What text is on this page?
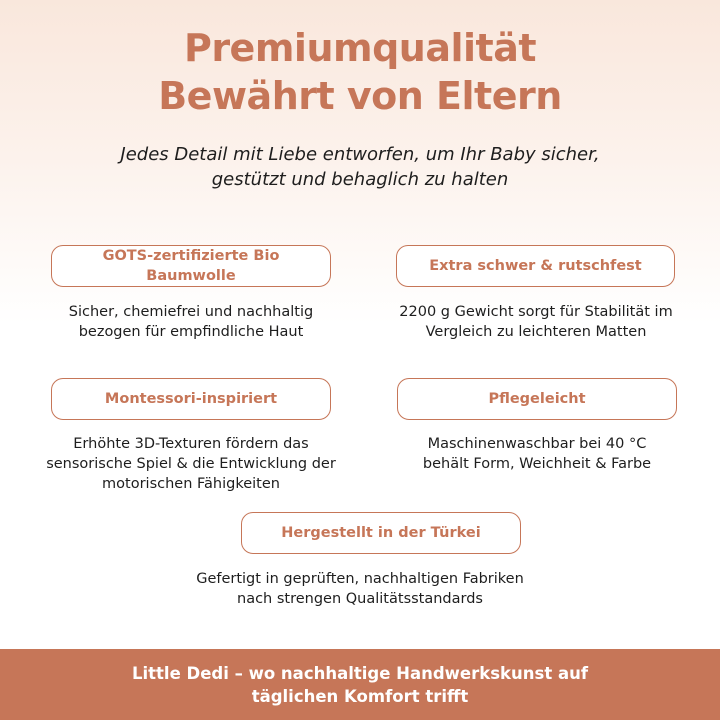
Premiumqualität
Bewährt von Eltern
Jedes Detail mit Liebe entworfen, um Ihr Baby sicher,
gestützt und behaglich zu halten
GOTS-zertifizierte Bio
Baumwolle
Sicher, chemiefrei und nachhaltig
bezogen für empfindliche Haut
Extra schwer & rutschfest
2200 g Gewicht sorgt für Stabilität im
Vergleich zu leichteren Matten
Montessori-inspiriert
Erhöhte 3D-Texturen fördern das
sensorische Spiel & die Entwicklung der
motorischen Fähigkeiten
Pflegeleicht
Maschinenwaschbar bei 40 °C
behält Form, Weichheit & Farbe
Hergestellt in der Türkei
Gefertigt in geprüften, nachhaltigen Fabriken
nach strengen Qualitätsstandards
Little Dedi – wo nachhaltige Handwerkskunst auf
täglichen Komfort trifft
